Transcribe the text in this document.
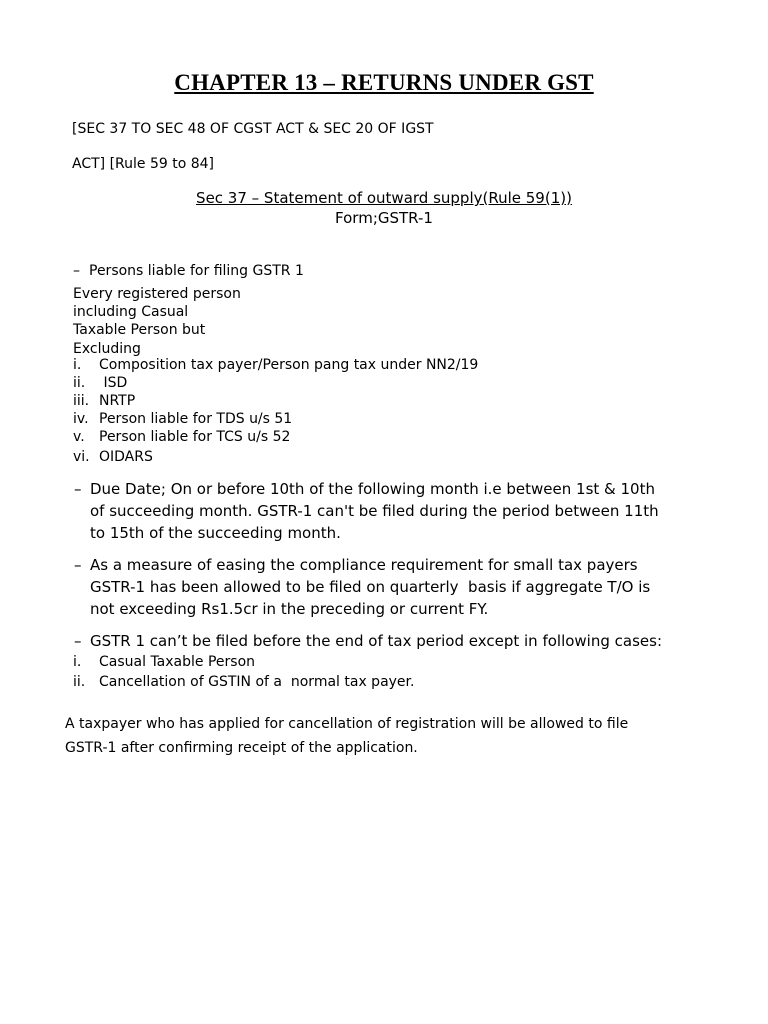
CHAPTER 13 – RETURNS UNDER GST

[SEC 37 TO SEC 48 OF CGST ACT & SEC 20 OF IGST

ACT] [Rule 59 to 84]

Sec 37 – Statement of outward supply(Rule 59(1))

Form;GSTR-1

– Persons liable for filing GSTR 1

Every registered person

including Casual

Taxable Person but

Excluding

i. Composition tax payer/Person pang tax under NN2/19

ii. ISD

iii. NRTP

iv. Person liable for TDS u/s 51

v. Person liable for TCS u/s 52

vi. OIDARS

– Due Date; On or before 10th of the following month i.e between 1st & 10th

of succeeding month. GSTR-1 can't be filed during the period between 11th

to 15th of the succeeding month.

– As a measure of easing the compliance requirement for small tax payers

GSTR-1 has been allowed to be filed on quarterly  basis if aggregate T/O is

not exceeding Rs1.5cr in the preceding or current FY.

– GSTR 1 can’t be filed before the end of tax period except in following cases:

i. Casual Taxable Person

ii. Cancellation of GSTIN of a  normal tax payer.

A taxpayer who has applied for cancellation of registration will be allowed to file

GSTR-1 after confirming receipt of the application.
